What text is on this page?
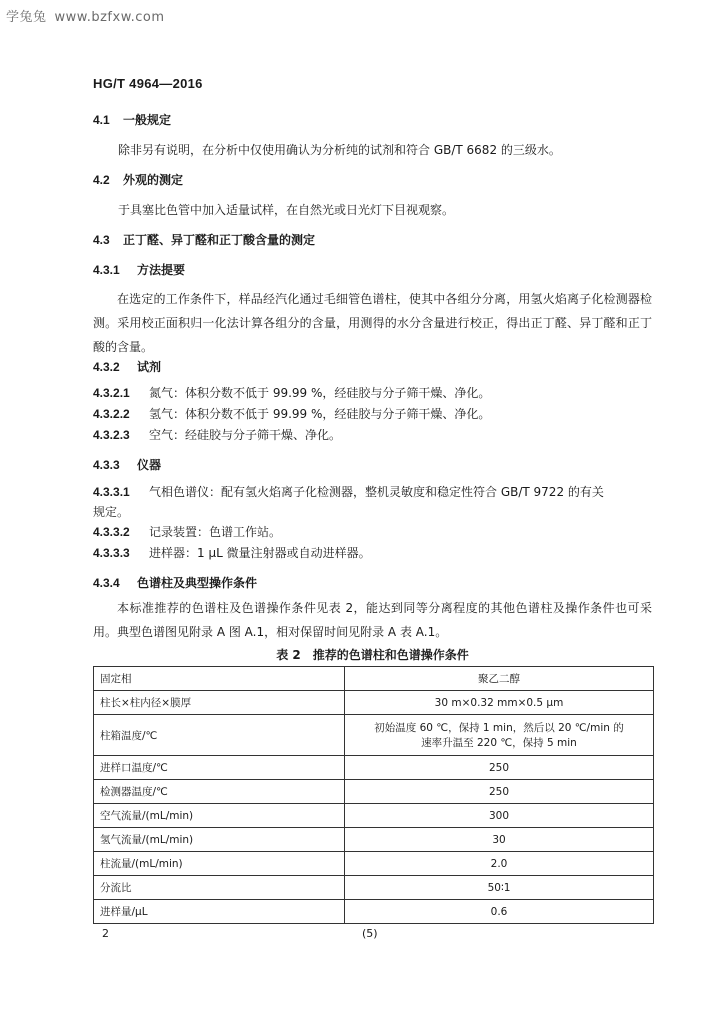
学兔兔 www.bzfxw.com
HG/T 4964—2016
4.1 一般规定
除非另有说明，在分析中仅使用确认为分析纯的试剂和符合 GB/T 6682 的三级水。
4.2 外观的测定
于具塞比色管中加入适量试样，在自然光或日光灯下目视观察。
4.3 正丁醛、异丁醛和正丁酸含量的测定
4.3.1 方法提要
在选定的工作条件下，样品经汽化通过毛细管色谱柱，使其中各组分分离，用氢火焰离子化检测器检测。采用校正面积归一化法计算各组分的含量，用测得的水分含量进行校正，得出正丁醛、异丁醛和正丁酸的含量。
4.3.2 试剂
4.3.2.1 氮气：体积分数不低于 99.99 %，经硅胶与分子筛干燥、净化。
4.3.2.2 氢气：体积分数不低于 99.99 %，经硅胶与分子筛干燥、净化。
4.3.2.3 空气：经硅胶与分子筛干燥、净化。
4.3.3 仪器
4.3.3.1 气相色谱仪：配有氢火焰离子化检测器，整机灵敏度和稳定性符合 GB/T 9722 的有关
规定。
4.3.3.2 记录装置：色谱工作站。
4.3.3.3 进样器：1 μL 微量注射器或自动进样器。
4.3.4 色谱柱及典型操作条件
本标准推荐的色谱柱及色谱操作条件见表 2，能达到同等分离程度的其他色谱柱及操作条件也可采用。典型色谱图见附录 A 图 A.1，相对保留时间见附录 A 表 A.1。
表 2　推荐的色谱柱和色谱操作条件
固定相	聚乙二醇
柱长×柱内径×膜厚	30 m×0.32 mm×0.5 μm
柱箱温度/℃	初始温度 60 ℃，保持 1 min，然后以 20 ℃/min 的
速率升温至 220 ℃，保持 5 min

进样口温度/℃	250
检测器温度/℃	250
空气流量/(mL/min)	300
氢气流量/(mL/min)	30
柱流量/(mL/min)	2.0
分流比	50∶1
进样量/μL	0.6
2	(5)
